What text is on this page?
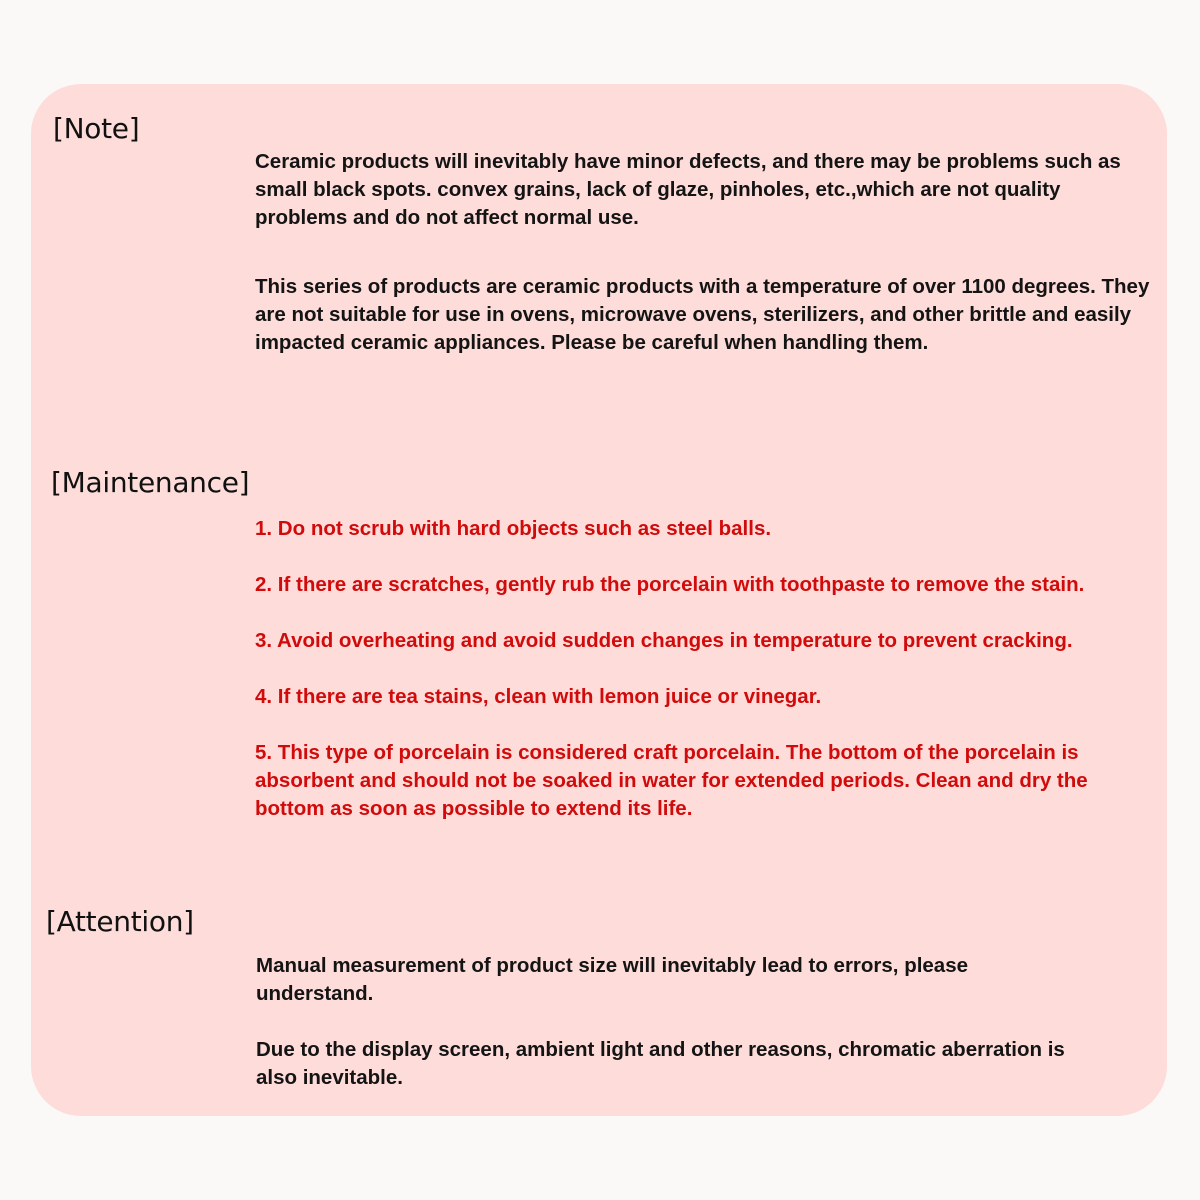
[Note]

Ceramic products will inevitably have minor defects, and there may be problems such as small black spots. convex grains, lack of glaze, pinholes, etc.,which are not quality problems and do not affect normal use.

This series of products are ceramic products with a temperature of over 1100 degrees. They are not suitable for use in ovens, microwave ovens, sterilizers, and other brittle and easily impacted ceramic appliances. Please be careful when handling them.

[Maintenance]

1. Do not scrub with hard objects such as steel balls.

2. If there are scratches, gently rub the porcelain with toothpaste to remove the stain.

3. Avoid overheating and avoid sudden changes in temperature to prevent cracking.

4. If there are tea stains, clean with lemon juice or vinegar.

5. This type of porcelain is considered craft porcelain. The bottom of the porcelain is absorbent and should not be soaked in water for extended periods. Clean and dry the bottom as soon as possible to extend its life.

[Attention]

Manual measurement of product size will inevitably lead to errors, please understand.

Due to the display screen, ambient light and other reasons, chromatic aberration is also inevitable.
